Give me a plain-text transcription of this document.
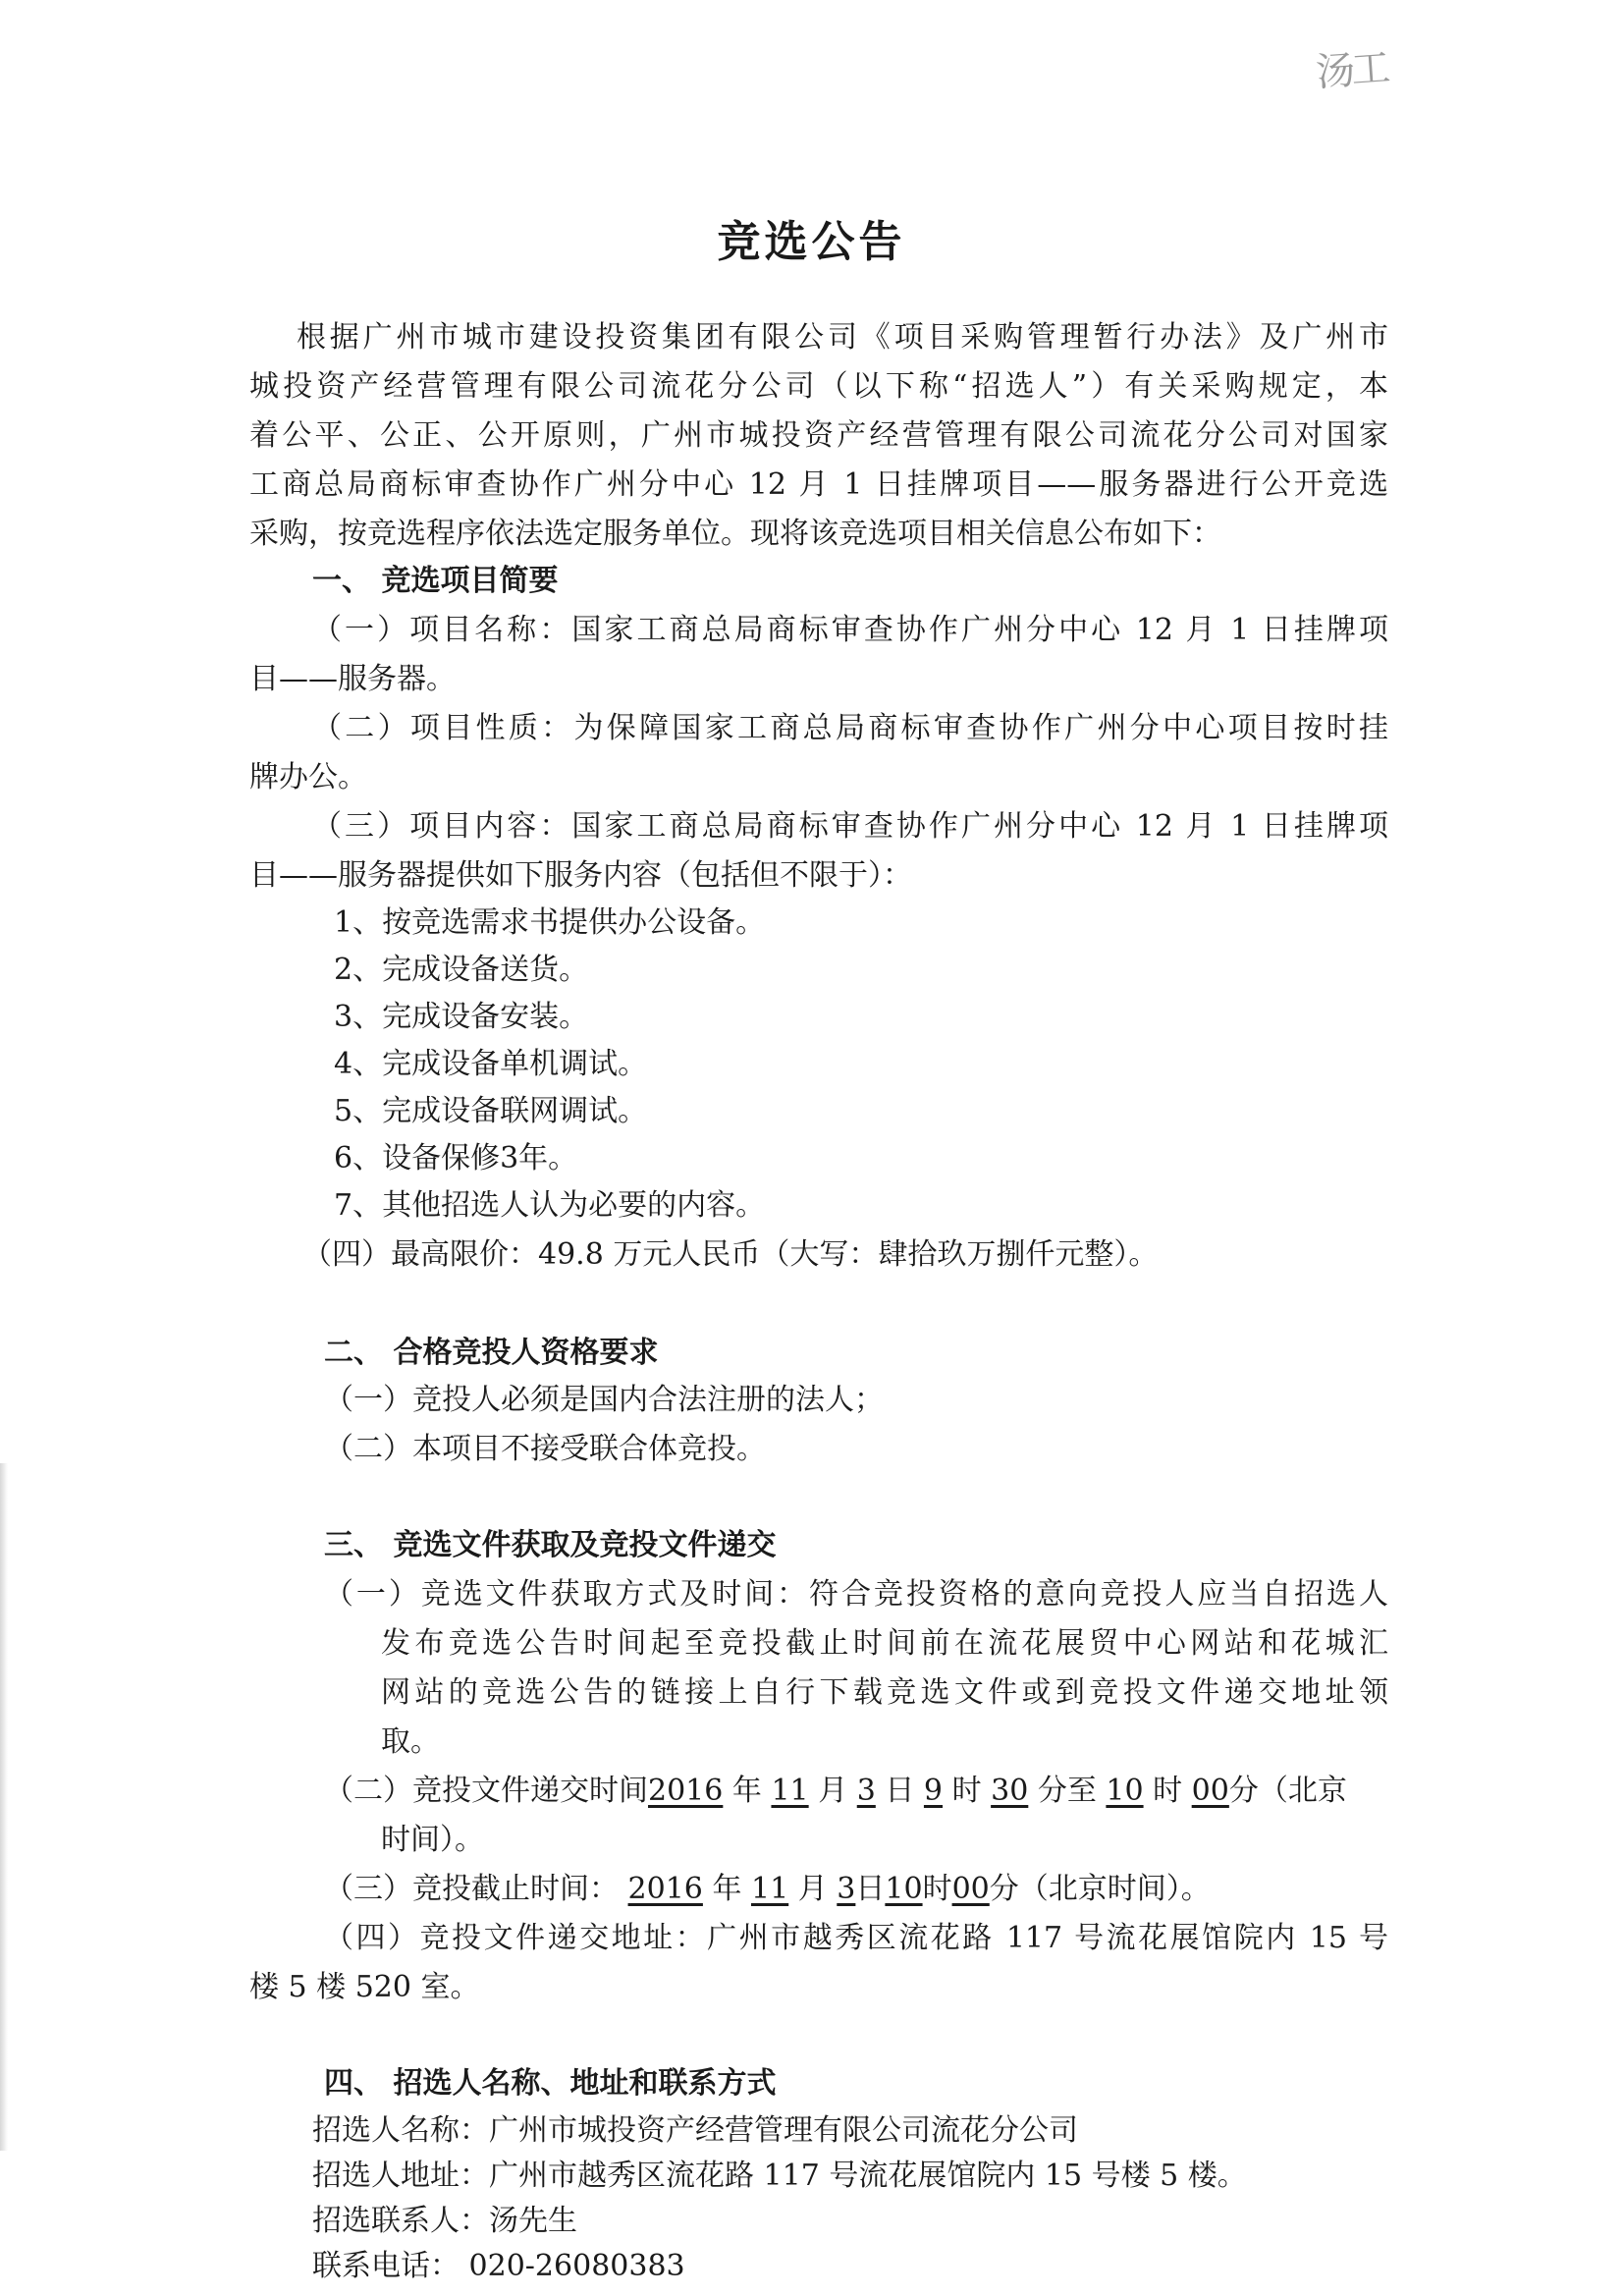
汤工
竞选公告
根据广州市城市建设投资集团有限公司《项目采购管理暂行办法》及广州市
城投资产经营管理有限公司流花分公司（以下称“招选人”）有关采购规定，本
着公平、公正、公开原则，广州市城投资产经营管理有限公司流花分公司对国家
工商总局商标审查协作广州分中心 12 月 1 日挂牌项目——服务器进行公开竞选
采购，按竞选程序依法选定服务单位。现将该竞选项目相关信息公布如下：
一、 竞选项目简要
（一）项目名称：国家工商总局商标审查协作广州分中心 12 月 1 日挂牌项
目——服务器。
（二）项目性质：为保障国家工商总局商标审查协作广州分中心项目按时挂
牌办公。
（三）项目内容：国家工商总局商标审查协作广州分中心 12 月 1 日挂牌项
目——服务器提供如下服务内容（包括但不限于）：
1、按竞选需求书提供办公设备。
2、完成设备送货。
3、完成设备安装。
4、完成设备单机调试。
5、完成设备联网调试。
6、设备保修3年。
7、其他招选人认为必要的内容。
（四）最高限价：49.8 万元人民币（大写：肆拾玖万捌仟元整）。
二、 合格竞投人资格要求
（一）竞投人必须是国内合法注册的法人；
（二）本项目不接受联合体竞投。
三、 竞选文件获取及竞投文件递交
（一）竞选文件获取方式及时间：符合竞投资格的意向竞投人应当自招选人
发布竞选公告时间起至竞投截止时间前在流花展贸中心网站和花城汇
网站的竞选公告的链接上自行下载竞选文件或到竞投文件递交地址领
取。
（二）竞投文件递交时间2016 年 11 月 3 日 9 时 30 分至 10 时 00分（北京
时间）。
（三）竞投截止时间： 2016 年 11 月 3日10时00分（北京时间）。
（四）竞投文件递交地址：广州市越秀区流花路 117 号流花展馆院内 15 号
楼 5 楼 520 室。
四、 招选人名称、地址和联系方式
招选人名称：广州市城投资产经营管理有限公司流花分公司
招选人地址：广州市越秀区流花路 117 号流花展馆院内 15 号楼 5 楼。
招选联系人：汤先生
联系电话： 020-26080383
